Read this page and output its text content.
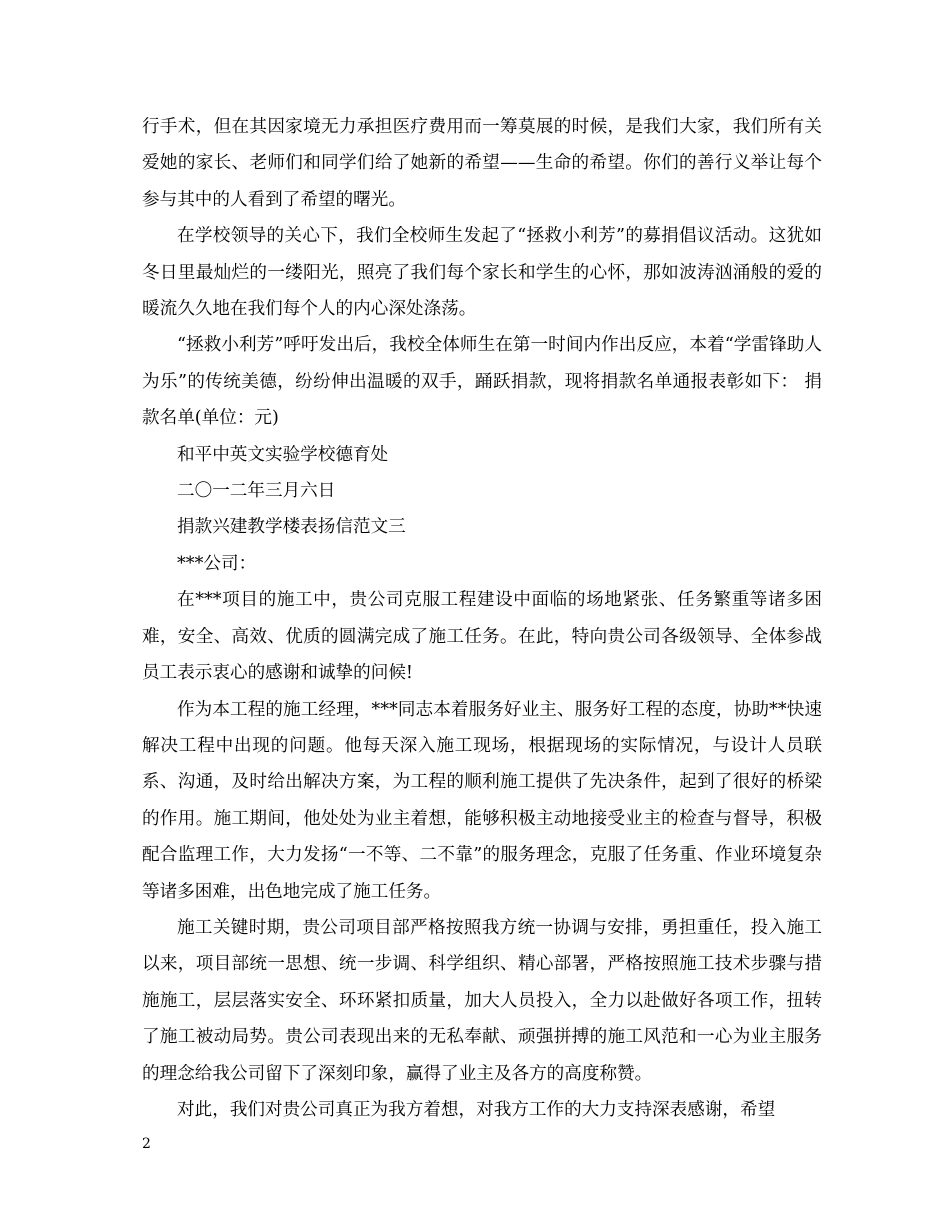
行手术，但在其因家境无力承担医疗费用而一筹莫展的时候，是我们大家，我们所有关爱她的家长、老师们和同学们给了她新的希望——生命的希望。你们的善行义举让每个参与其中的人看到了希望的曙光。

在学校领导的关心下，我们全校师生发起了“拯救小利芳”的募捐倡议活动。这犹如冬日里最灿烂的一缕阳光，照亮了我们每个家长和学生的心怀，那如波涛汹涌般的爱的暖流久久地在我们每个人的内心深处涤荡。

“拯救小利芳”呼吁发出后，我校全体师生在第一时间内作出反应，本着“学雷锋助人为乐”的传统美德，纷纷伸出温暖的双手，踊跃捐款，现将捐款名单通报表彰如下： 捐款名单(单位：元)

和平中英文实验学校德育处

二〇一二年三月六日

捐款兴建教学楼表扬信范文三

***公司：

在***项目的施工中，贵公司克服工程建设中面临的场地紧张、任务繁重等诸多困难，安全、高效、优质的圆满完成了施工任务。在此，特向贵公司各级领导、全体参战员工表示衷心的感谢和诚挚的问候!

作为本工程的施工经理，***同志本着服务好业主、服务好工程的态度，协助**快速解决工程中出现的问题。他每天深入施工现场，根据现场的实际情况，与设计人员联系、沟通，及时给出解决方案，为工程的顺利施工提供了先决条件，起到了很好的桥梁的作用。施工期间，他处处为业主着想，能够积极主动地接受业主的检查与督导，积极配合监理工作，大力发扬“一不等、二不靠”的服务理念，克服了任务重、作业环境复杂等诸多困难，出色地完成了施工任务。

施工关键时期，贵公司项目部严格按照我方统一协调与安排，勇担重任，投入施工以来，项目部统一思想、统一步调、科学组织、精心部署，严格按照施工技术步骤与措施施工，层层落实安全、环环紧扣质量，加大人员投入，全力以赴做好各项工作，扭转了施工被动局势。贵公司表现出来的无私奉献、顽强拼搏的施工风范和一心为业主服务的理念给我公司留下了深刻印象，赢得了业主及各方的高度称赞。

对此，我们对贵公司真正为我方着想，对我方工作的大力支持深表感谢，希望

2
